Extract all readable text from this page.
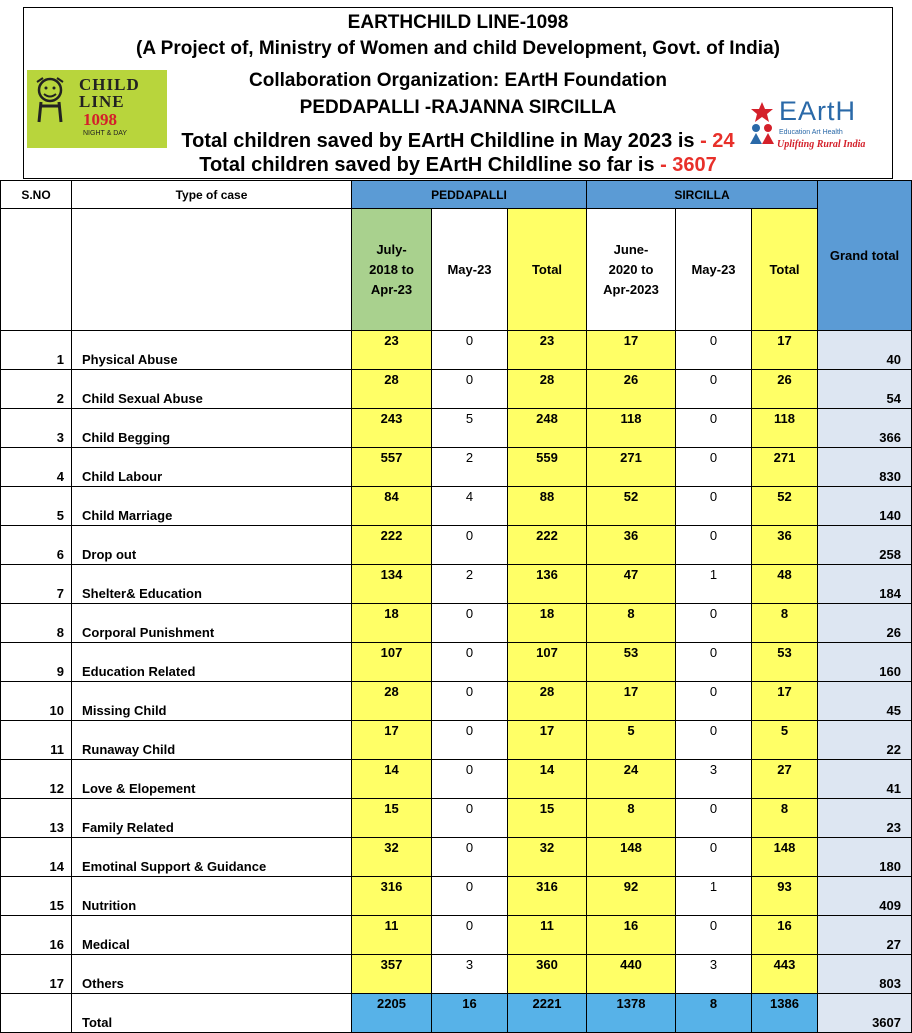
EARTHCHILD LINE-1098
(A Project of, Ministry of Women and child Development, Govt. of India)
Collaboration Organization: EArtH Foundation
PEDDAPALLI -RAJANNA SIRCILLA
Total children saved by EArtH Childline in May 2023 is - 24
Total children saved by EArtH Childline so far is - 3607
CHILD
LINE
1098
NIGHT & DAY
EArtH
Education Art Health
Uplifting Rural India
S.NO	Type of case	PEDDAPALLI			SIRCILLA			Grand total
		July-2018 to Apr-23	May-23	Total	June-2020 to Apr-2023	May-23	Total	
1	Physical Abuse	23	0	23	17	0	17	40
2	Child Sexual Abuse	28	0	28	26	0	26	54
3	Child Begging	243	5	248	118	0	118	366
4	Child Labour	557	2	559	271	0	271	830
5	Child Marriage	84	4	88	52	0	52	140
6	Drop out	222	0	222	36	0	36	258
7	Shelter& Education	134	2	136	47	1	48	184
8	Corporal Punishment	18	0	18	8	0	8	26
9	Education Related	107	0	107	53	0	53	160
10	Missing Child	28	0	28	17	0	17	45
11	Runaway Child	17	0	17	5	0	5	22
12	Love & Elopement	14	0	14	24	3	27	41
13	Family Related	15	0	15	8	0	8	23
14	Emotinal Support & Guidance	32	0	32	148	0	148	180
15	Nutrition	316	0	316	92	1	93	409
16	Medical	11	0	11	16	0	16	27
17	Others	357	3	360	440	3	443	803
	Total	2205	16	2221	1378	8	1386	3607
